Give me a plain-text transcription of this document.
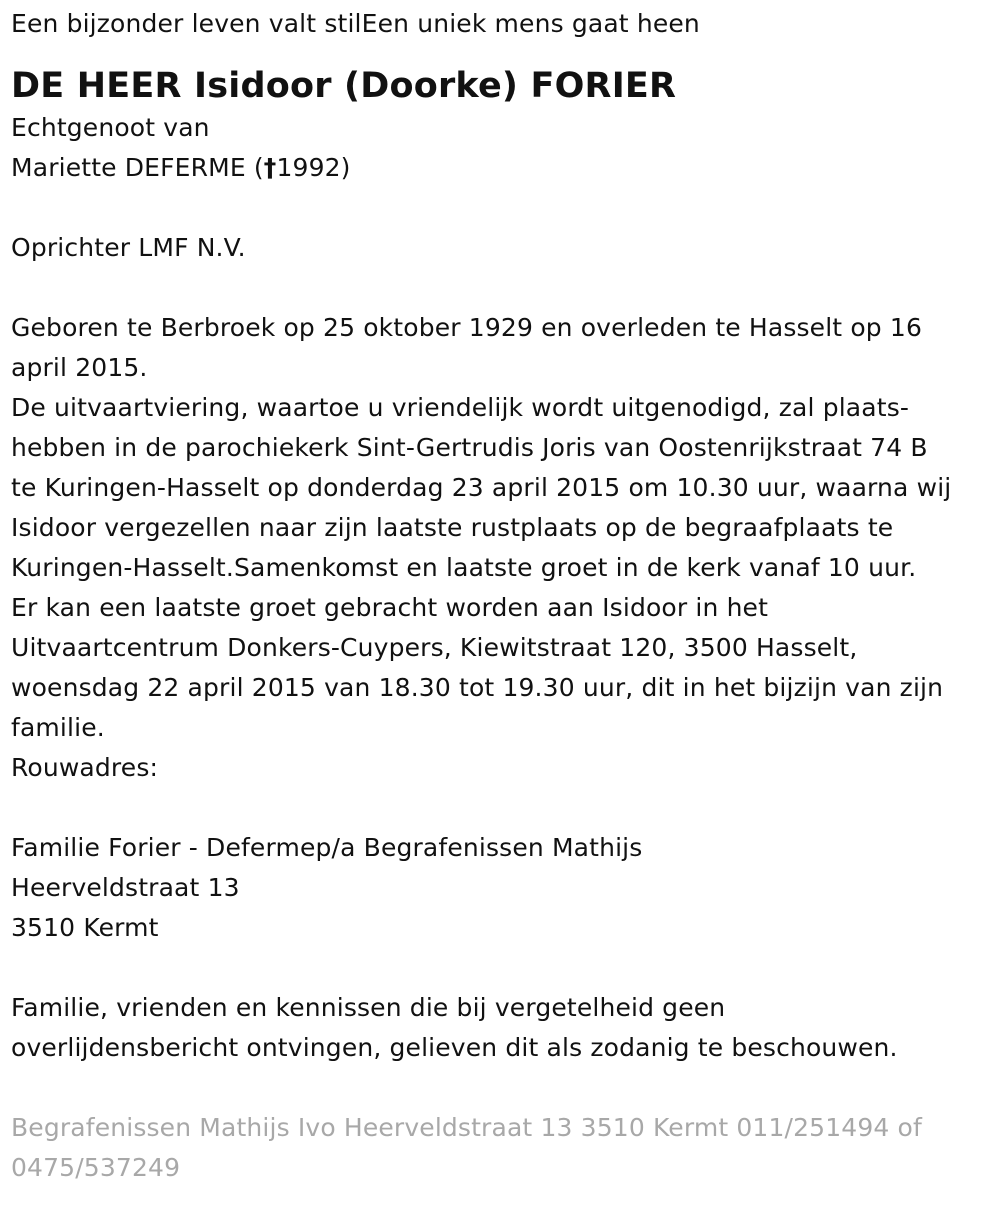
Een bijzonder leven valt stilEen uniek mens gaat heen

DE HEER Isidoor (Doorke) FORIER

Echtgenoot van

Mariette DEFERME (†1992)

Oprichter LMF N.V.

Geboren te Berbroek op 25 oktober 1929 en overleden te Hasselt op 16

april 2015.

De uitvaartviering, waartoe u vriendelijk wordt uitgenodigd, zal plaats-

hebben in de parochiekerk Sint-Gertrudis Joris van Oostenrijkstraat 74 B

te Kuringen-Hasselt op donderdag 23 april 2015 om 10.30 uur, waarna wij

Isidoor vergezellen naar zijn laatste rustplaats op de begraafplaats te

Kuringen-Hasselt.Samenkomst en laatste groet in de kerk vanaf 10 uur.

Er kan een laatste groet gebracht worden aan Isidoor in het

Uitvaartcentrum Donkers-Cuypers, Kiewitstraat 120, 3500 Hasselt,

woensdag 22 april 2015 van 18.30 tot 19.30 uur, dit in het bijzijn van zijn

familie.

Rouwadres:

Familie Forier - Defermep/a Begrafenissen Mathijs

Heerveldstraat 13

3510 Kermt

Familie, vrienden en kennissen die bij vergetelheid geen

overlijdensbericht ontvingen, gelieven dit als zodanig te beschouwen.

Begrafenissen Mathijs Ivo Heerveldstraat 13 3510 Kermt 011/251494 of

0475/537249
